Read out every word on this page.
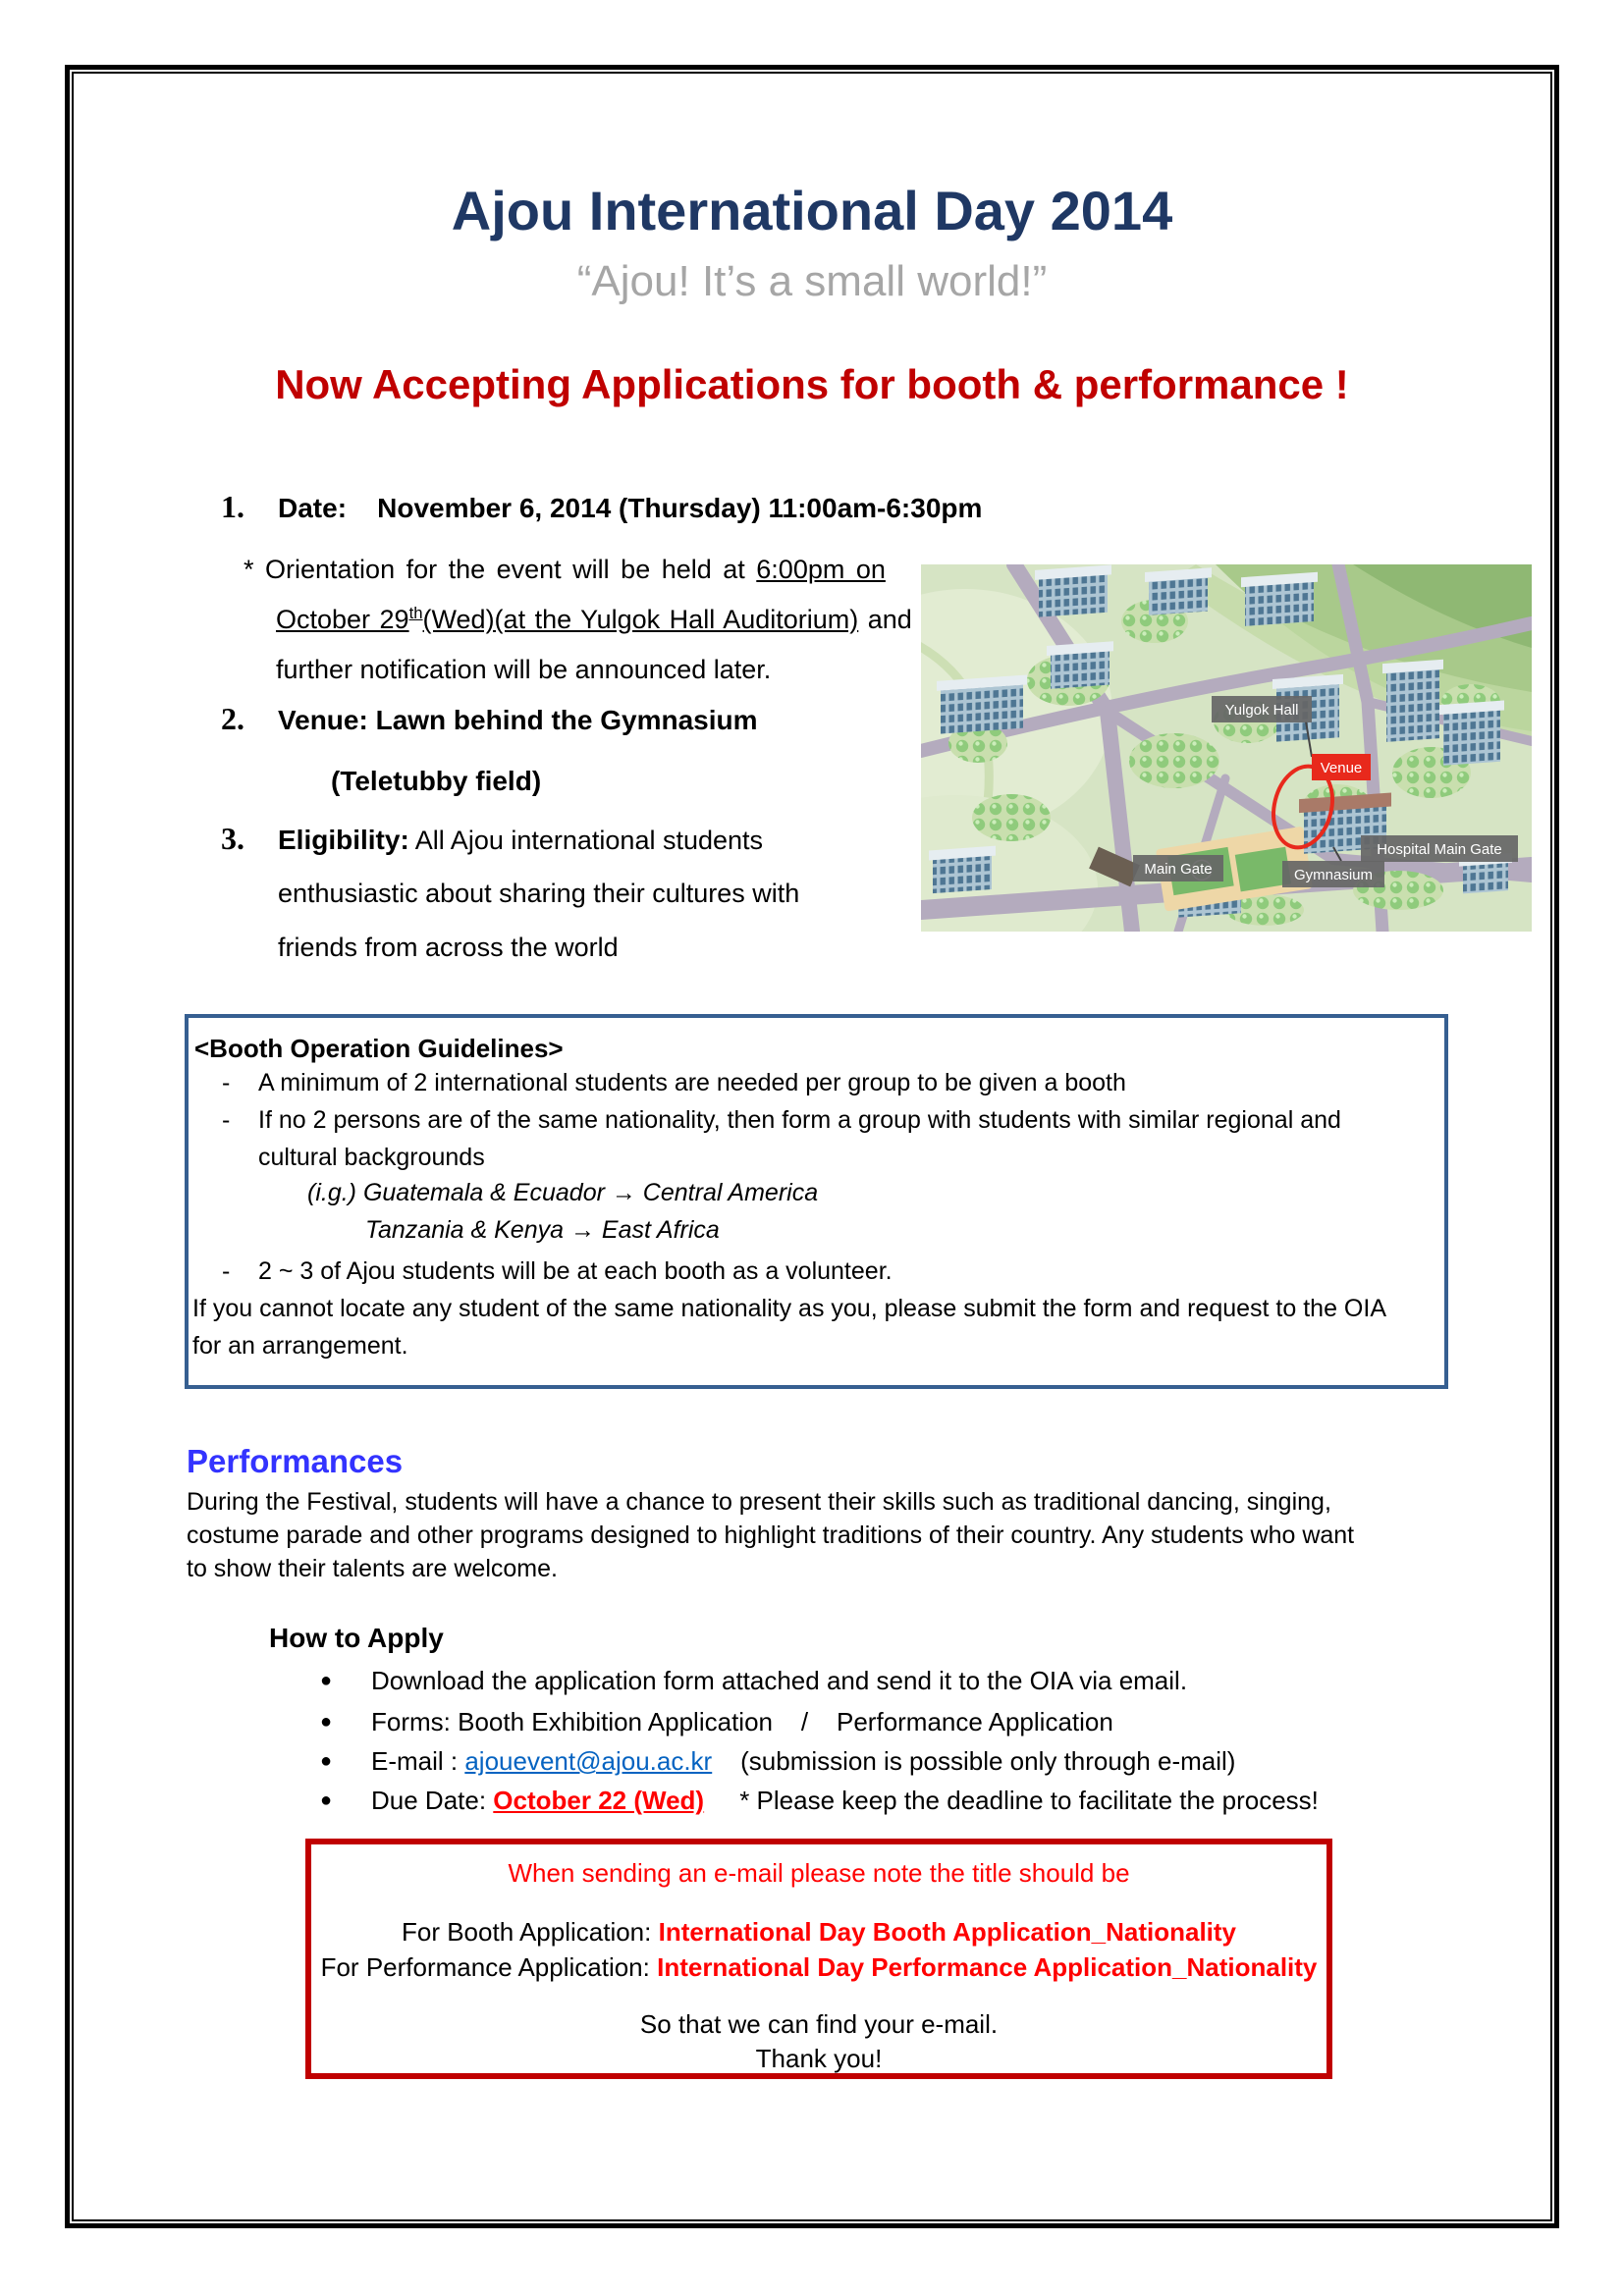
Ajou International Day 2014
“Ajou! It’s a small world!”
Now Accepting Applications for booth & performance !
1. Date:    November 6, 2014 (Thursday) 11:00am-6:30pm
* Orientation for the event will be held at 6:00pm on
October 29th(Wed)(at the Yulgok Hall Auditorium) and
further notification will be announced later.
2. Venue: Lawn behind the Gymnasium
(Teletubby field)
3. Eligibility: All Ajou international students
enthusiastic about sharing their cultures with
friends from across the world
Yulgok Hall
Venue
Main Gate	Gymnasium
Hospital Main Gate
<Booth Operation Guidelines>
- A minimum of 2 international students are needed per group to be given a booth
- If no 2 persons are of the same nationality, then form a group with students with similar regional and
cultural backgrounds
(i.g.) Guatemala & Ecuador → Central America
Tanzania & Kenya → East Africa
- 2 ~ 3 of Ajou students will be at each booth as a volunteer.
If you cannot locate any student of the same nationality as you, please submit the form and request to the OIA
for an arrangement.
Performances
During the Festival, students will have a chance to present their skills such as traditional dancing, singing,
costume parade and other programs designed to highlight traditions of their country. Any students who want
to show their talents are welcome.
How to Apply
● Download the application form attached and send it to the OIA via email.
● Forms: Booth Exhibition Application    /    Performance Application
● E-mail : ajouevent@ajou.ac.kr    (submission is possible only through e-mail)
● Due Date: October 22 (Wed)     * Please keep the deadline to facilitate the process!
When sending an e-mail please note the title should be
For Booth Application: International Day Booth Application_Nationality
For Performance Application: International Day Performance Application_Nationality
So that we can find your e-mail.
Thank you!
